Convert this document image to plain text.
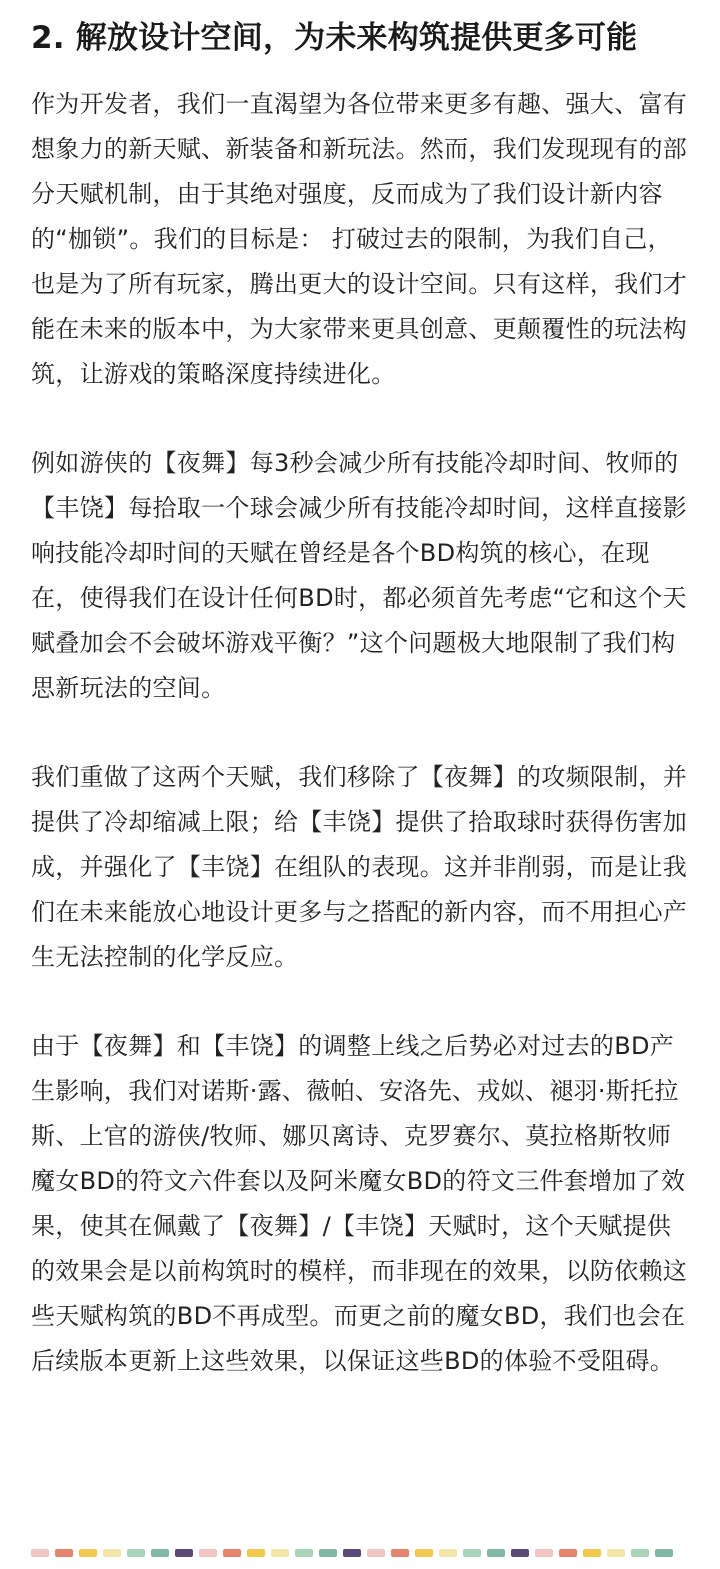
2. 解放设计空间，为未来构筑提供更多可能

作为开发者，我们一直渴望为各位带来更多有趣、强大、富有想象力的新天赋、新装备和新玩法。然而，我们发现现有的部分天赋机制，由于其绝对强度，反而成为了我们设计新内容的“枷锁”。我们的目标是： 打破过去的限制，为我们自己，也是为了所有玩家，腾出更大的设计空间。只有这样，我们才能在未来的版本中，为大家带来更具创意、更颠覆性的玩法构筑，让游戏的策略深度持续进化。

例如游侠的【夜舞】每3秒会减少所有技能冷却时间、牧师的【丰饶】每拾取一个球会减少所有技能冷却时间，这样直接影响技能冷却时间的天赋在曾经是各个BD构筑的核心，在现在，使得我们在设计任何BD时，都必须首先考虑“它和这个天赋叠加会不会破坏游戏平衡？”这个问题极大地限制了我们构思新玩法的空间。

我们重做了这两个天赋，我们移除了【夜舞】的攻频限制，并提供了冷却缩减上限；给【丰饶】提供了拾取球时获得伤害加成，并强化了【丰饶】在组队的表现。这并非削弱，而是让我们在未来能放心地设计更多与之搭配的新内容，而不用担心产生无法控制的化学反应。

由于【夜舞】和【丰饶】的调整上线之后势必对过去的BD产生影响，我们对诺斯·露、薇帕、安洛先、戎姒、褪羽·斯托拉斯、上官的游侠/牧师、娜贝离诗、克罗赛尔、莫拉格斯牧师魔女BD的符文六件套以及阿米魔女BD的符文三件套增加了效果，使其在佩戴了【夜舞】/【丰饶】天赋时，这个天赋提供的效果会是以前构筑时的模样，而非现在的效果，以防依赖这些天赋构筑的BD不再成型。而更之前的魔女BD，我们也会在后续版本更新上这些效果，以保证这些BD的体验不受阻碍。
